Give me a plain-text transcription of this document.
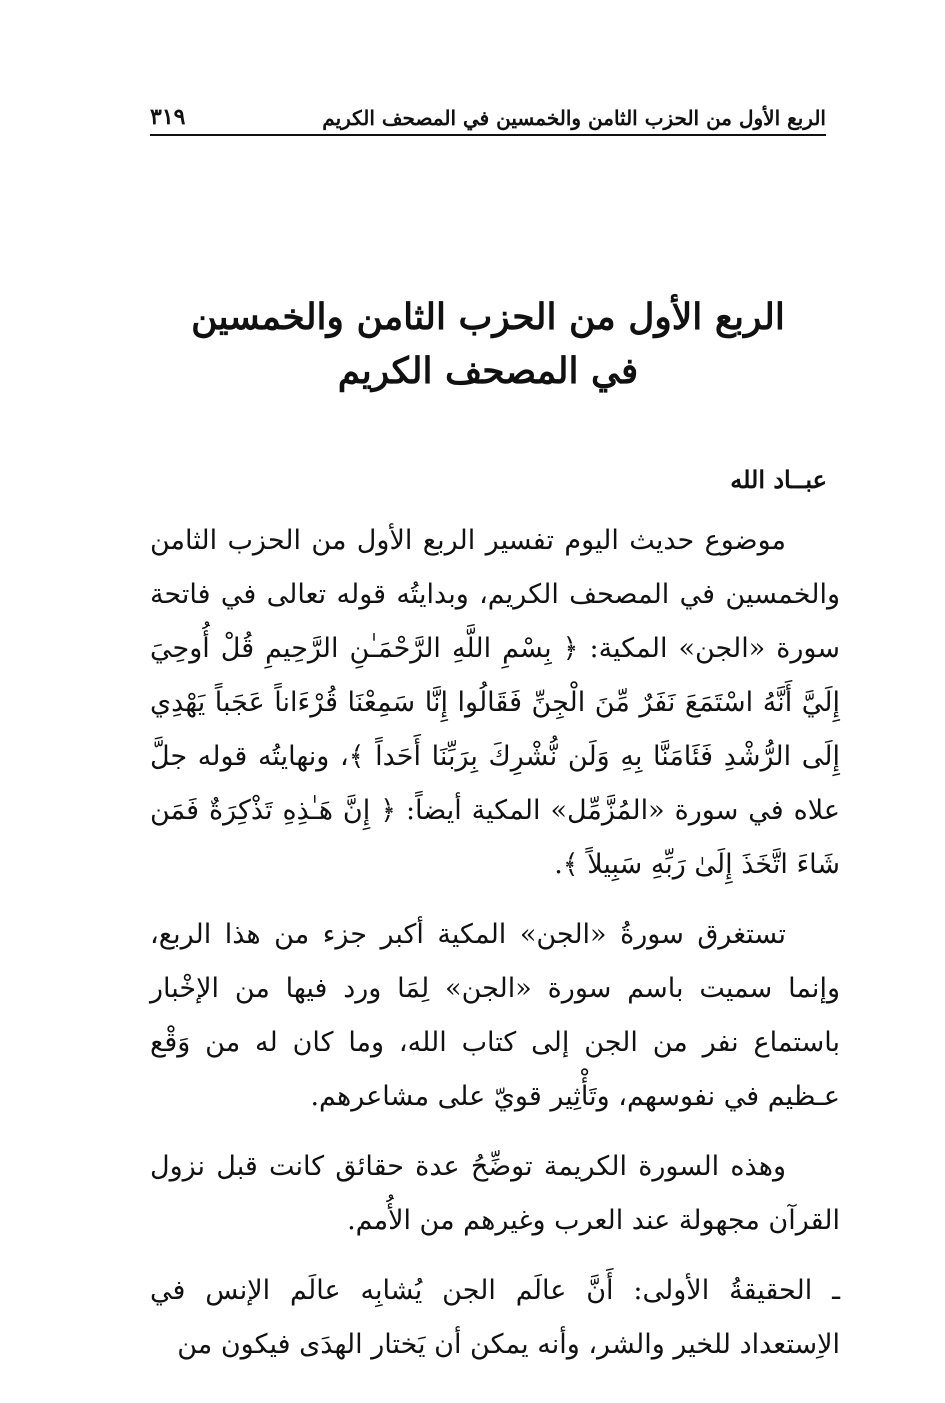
الربع الأول من الحزب الثامن والخمسين في المصحف الكريم
٣١٩
الربع الأول من الحزب الثامن والخمسين
في المصحف الكريم
عبــاد الله

موضوع حديث اليوم تفسير الربع الأول من الحزب الثامن والخمسين في المصحف الكريم، وبدايتُه قوله تعالى في فاتحة سورة «الجن» المكية: ﴿ بِسْمِ اللَّهِ الرَّحْمَـٰنِ الرَّحِيمِ قُلْ أُوحِيَ إِلَيَّ أَنَّهُ اسْتَمَعَ نَفَرٌ مِّنَ الْجِنِّ فَقَالُوا إِنَّا سَمِعْنَا قُرْءَاناً عَجَباً يَهْدِي إِلَى الرُّشْدِ فَئَامَنَّا بِهِ وَلَن نُّشْرِكَ بِرَبِّنَا أَحَداً ﴾، ونهايتُه قوله جلَّ علاه في سورة «المُزَّمِّل» المكية أيضاً: ﴿ إِنَّ هَـٰذِهِ تَذْكِرَةٌ فَمَن شَاءَ اتَّخَذَ إِلَىٰ رَبِّهِ سَبِيلاً ﴾.

تستغرق سورةُ «الجن» المكية أكبر جزء من هذا الربع، وإنما سميت باسم سورة «الجن» لِمَا ورد فيها من الإخْبار باستماع نفر من الجن إلى كتاب الله، وما كان له من وَقْع عـظيم في نفوسهم، وتَأْثِير قويّ على مشاعرهم.

وهذه السورة الكريمة توضِّحُ عدة حقائق كانت قبل نزول القرآن مجهولة عند العرب وغيرهم من الأُمم.

ـ الحقيقةُ الأولى: أَنَّ عالَم الجن يُشابِه عالَم الإنس في الاِستعداد للخير والشر، وأنه يمكن أن يَختار الهدَى فيكون من
